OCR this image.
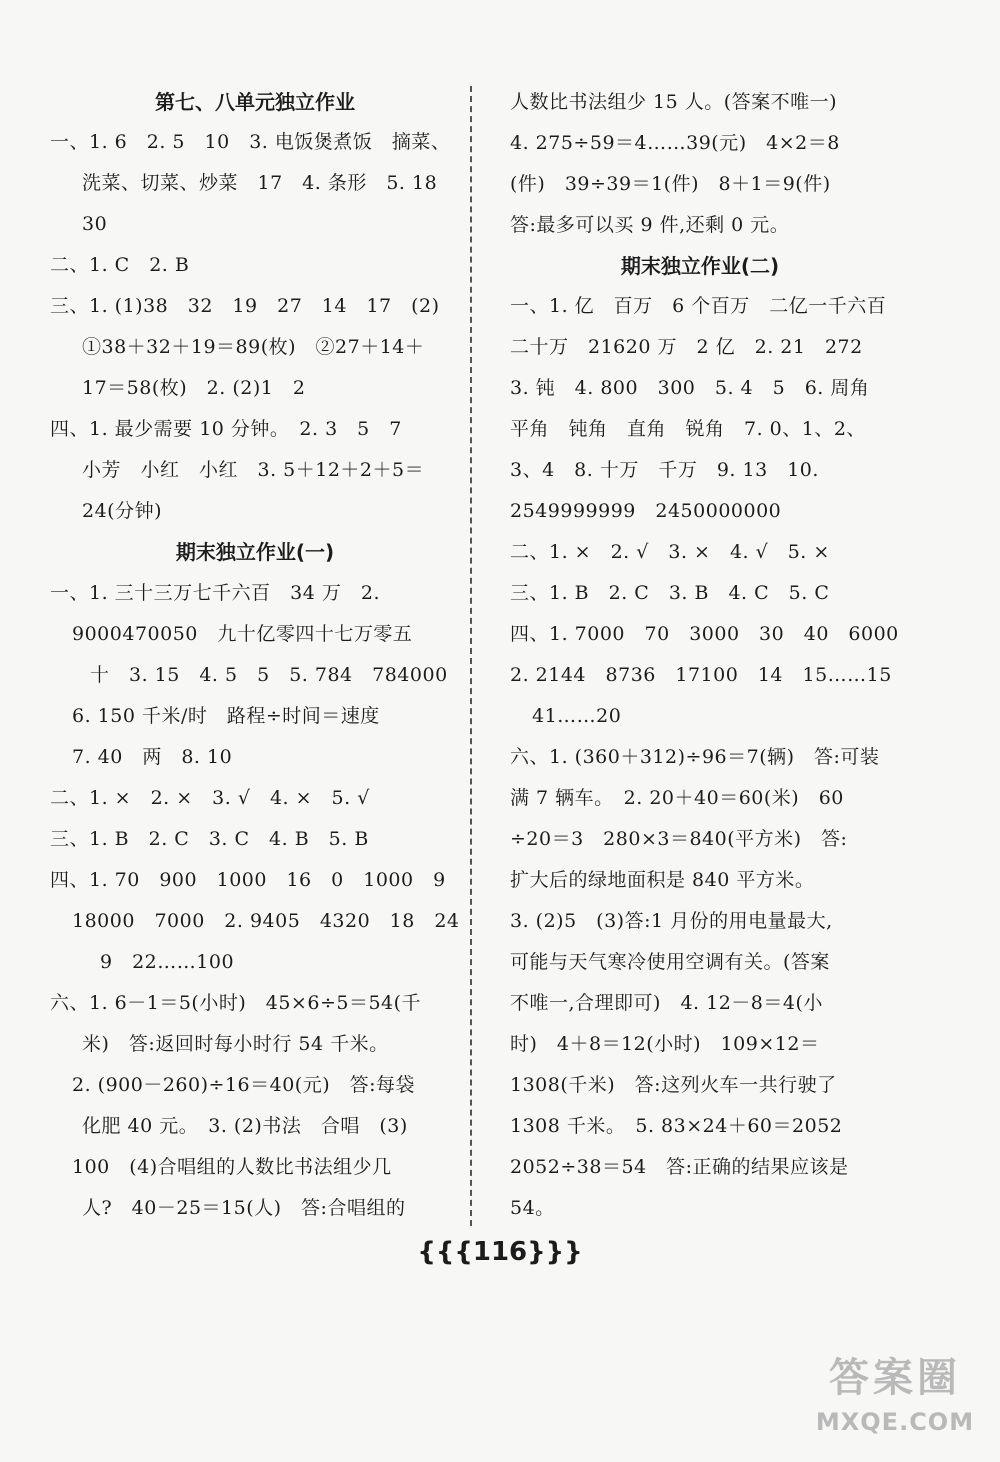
第七、八单元独立作业
一、1. 6　2. 5　10　3. 电饭煲煮饭　摘菜、
洗菜、切菜、炒菜　17　4. 条形　5. 18
30
二、1. C　2. B
三、1. (1)38　32　19　27　14　17　(2)
①38＋32＋19＝89(枚)　②27＋14＋
17＝58(枚)　2. (2)1　2
四、1. 最少需要 10 分钟。　2. 3　5　7
小芳　小红　小红　3. 5＋12＋2＋5＝
24(分钟)
期末独立作业(一)
一、1. 三十三万七千六百　34 万　2.
9000470050　九十亿零四十七万零五
十　3. 15　4. 5　5　5. 784　784000
6. 150 千米/时　路程÷时间＝速度
7. 40　两　8. 10
二、1. ×　2. ×　3. √　4. ×　5. √
三、1. B　2. C　3. C　4. B　5. B
四、1. 70　900　1000　16　0　1000　9
18000　7000　2. 9405　4320　18　24
9　22……100
六、1. 6－1＝5(小时)　45×6÷5＝54(千
米)　答:返回时每小时行 54 千米。
2. (900－260)÷16＝40(元)　答:每袋
化肥 40 元。　3. (2)书法　合唱　(3)
100　(4)合唱组的人数比书法组少几
人?　40－25＝15(人)　答:合唱组的
人数比书法组少 15 人。(答案不唯一)
4. 275÷59＝4……39(元)　4×2＝8
(件)　39÷39＝1(件)　8＋1＝9(件)
答:最多可以买 9 件,还剩 0 元。
期末独立作业(二)
一、1. 亿　百万　6 个百万　二亿一千六百
二十万　21620 万　2 亿　2. 21　272
3. 钝　4. 800　300　5. 4　5　6. 周角
平角　钝角　直角　锐角　7. 0、1、2、
3、4　8. 十万　千万　9. 13　10.
2549999999　2450000000
二、1. ×　2. √　3. ×　4. √　5. ×
三、1. B　2. C　3. B　4. C　5. C
四、1. 7000　70　3000　30　40　6000
2. 2144　8736　17100　14　15……15
41……20
六、1. (360＋312)÷96＝7(辆)　答:可装
满 7 辆车。　2. 20＋40＝60(米)　60
÷20＝3　280×3＝840(平方米)　答:
扩大后的绿地面积是 840 平方米。
3. (2)5　(3)答:1 月份的用电量最大,
可能与天气寒冷使用空调有关。(答案
不唯一,合理即可)　4. 12－8＝4(小
时)　4＋8＝12(小时)　109×12＝
1308(千米)　答:这列火车一共行驶了
1308 千米。　5. 83×24＋60＝2052
2052÷38＝54　答:正确的结果应该是
54。
{{{116}}}
答案圈
MXQE.COM
